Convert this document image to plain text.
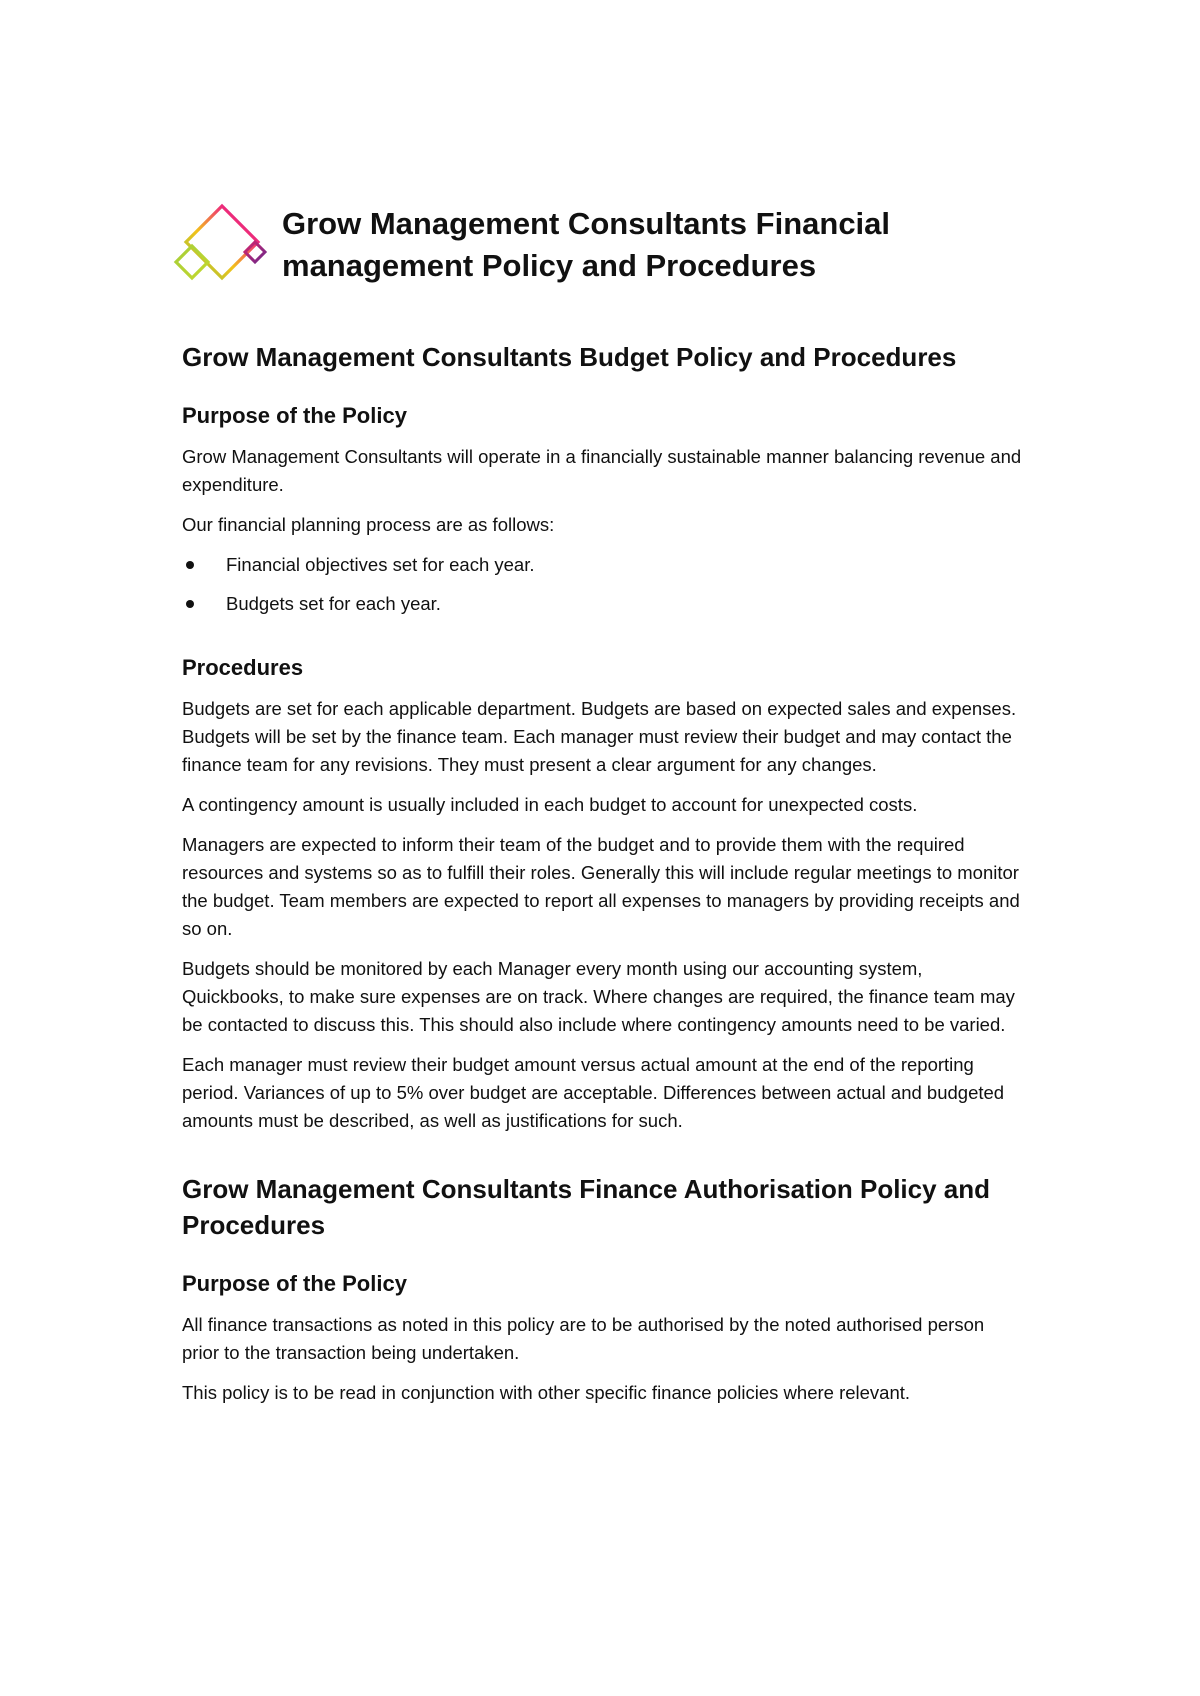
Grow Management Consultants Financial management Policy and Procedures
Grow Management Consultants Budget Policy and Procedures
Purpose of the Policy

Grow Management Consultants will operate in a financially sustainable manner balancing revenue and expenditure.

Our financial planning process are as follows:

Financial objectives set for each year.
Budgets set for each year.
Procedures

Budgets are set for each applicable department. Budgets are based on expected sales and expenses. Budgets will be set by the finance team. Each manager must review their budget and may contact the finance team for any revisions. They must present a clear argument for any changes.

A contingency amount is usually included in each budget to account for unexpected costs.

Managers are expected to inform their team of the budget and to provide them with the required resources and systems so as to fulfill their roles. Generally this will include regular meetings to monitor the budget. Team members are expected to report all expenses to managers by providing receipts and so on.

Budgets should be monitored by each Manager every month using our accounting system, Quickbooks, to make sure expenses are on track. Where changes are required, the finance team may be contacted to discuss this. This should also include where contingency amounts need to be varied.

Each manager must review their budget amount versus actual amount at the end of the reporting period. Variances of up to 5% over budget are acceptable. Differences between actual and budgeted amounts must be described, as well as justifications for such.

Grow Management Consultants Finance Authorisation Policy and Procedures
Purpose of the Policy

All finance transactions as noted in this policy are to be authorised by the noted authorised person prior to the transaction being undertaken.

This policy is to be read in conjunction with other specific finance policies where relevant.
